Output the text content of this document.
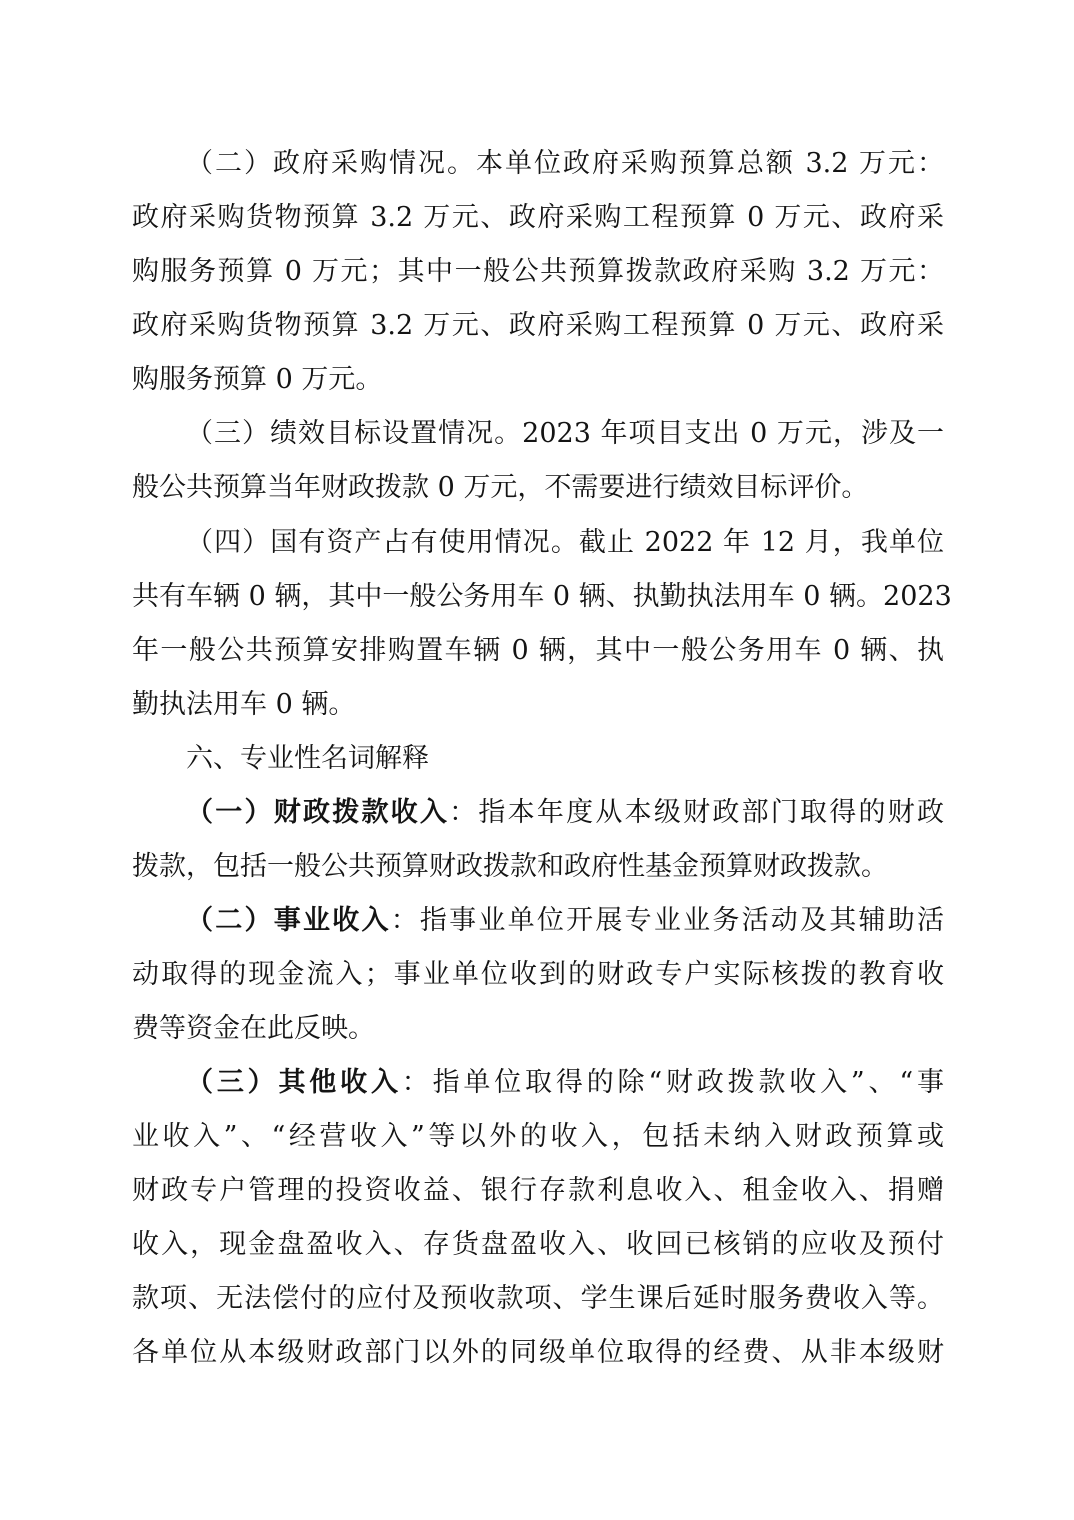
（二）政府采购情况。本单位政府采购预算总额 3.2 万元：
政府采购货物预算 3.2 万元、政府采购工程预算 0 万元、政府采
购服务预算 0 万元；其中一般公共预算拨款政府采购 3.2 万元：
政府采购货物预算 3.2 万元、政府采购工程预算 0 万元、政府采
购服务预算 0 万元。
（三）绩效目标设置情况。2023 年项目支出 0 万元，涉及一
般公共预算当年财政拨款 0 万元，不需要进行绩效目标评价。
（四）国有资产占有使用情况。截止 2022 年 12 月，我单位
共有车辆 0 辆，其中一般公务用车 0 辆、执勤执法用车 0 辆。2023
年一般公共预算安排购置车辆 0 辆，其中一般公务用车 0 辆、执
勤执法用车 0 辆。
六、专业性名词解释
（一）财政拨款收入：指本年度从本级财政部门取得的财政
拨款，包括一般公共预算财政拨款和政府性基金预算财政拨款。
（二）事业收入：指事业单位开展专业业务活动及其辅助活
动取得的现金流入；事业单位收到的财政专户实际核拨的教育收
费等资金在此反映。
（三）其他收入：指单位取得的除“财政拨款收入”、“事
业收入”、“经营收入”等以外的收入，包括未纳入财政预算或
财政专户管理的投资收益、银行存款利息收入、租金收入、捐赠
收入，现金盘盈收入、存货盘盈收入、收回已核销的应收及预付
款项、无法偿付的应付及预收款项、学生课后延时服务费收入等。
各单位从本级财政部门以外的同级单位取得的经费、从非本级财
